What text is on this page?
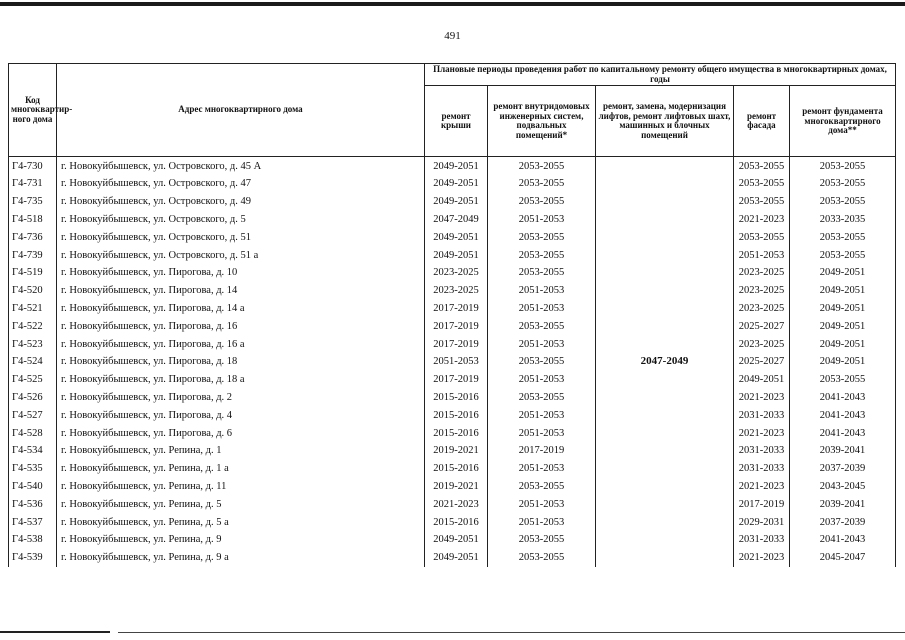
491
Код многоквартир-ного дома	Адрес многоквартирного дома	Плановые периоды проведения работ по капитальному ремонту общего имущества в многоквартирных домах, годы				
		ремонт крыши	ремонт внутридомовых инженерных систем, подвальных помещений*	ремонт, замена, модернизация лифтов, ремонт лифтовых шахт, машинных и блочных помещений	ремонт фасада	ремонт фундамента многоквартирного дома**
Г4-730	г. Новокуйбышевск, ул. Островского, д. 45 А	2049-2051	2053-2055	2047-2049	2053-2055	2053-2055
Г4-731	г. Новокуйбышевск, ул. Островского, д. 47	2049-2051	2053-2055		2053-2055	2053-2055
Г4-735	г. Новокуйбышевск, ул. Островского, д. 49	2049-2051	2053-2055		2053-2055	2053-2055
Г4-518	г. Новокуйбышевск, ул. Островского, д. 5	2047-2049	2051-2053		2021-2023	2033-2035
Г4-736	г. Новокуйбышевск, ул. Островского, д. 51	2049-2051	2053-2055		2053-2055	2053-2055
Г4-739	г. Новокуйбышевск, ул. Островского, д. 51 а	2049-2051	2053-2055		2051-2053	2053-2055
Г4-519	г. Новокуйбышевск, ул. Пирогова, д. 10	2023-2025	2053-2055		2023-2025	2049-2051
Г4-520	г. Новокуйбышевск, ул. Пирогова, д. 14	2023-2025	2051-2053		2023-2025	2049-2051
Г4-521	г. Новокуйбышевск, ул. Пирогова, д. 14 а	2017-2019	2051-2053		2023-2025	2049-2051
Г4-522	г. Новокуйбышевск, ул. Пирогова, д. 16	2017-2019	2053-2055		2025-2027	2049-2051
Г4-523	г. Новокуйбышевск, ул. Пирогова, д. 16 а	2017-2019	2051-2053		2023-2025	2049-2051
Г4-524	г. Новокуйбышевск, ул. Пирогова, д. 18	2051-2053	2053-2055		2025-2027	2049-2051
Г4-525	г. Новокуйбышевск, ул. Пирогова, д. 18 а	2017-2019	2051-2053		2049-2051	2053-2055
Г4-526	г. Новокуйбышевск, ул. Пирогова, д. 2	2015-2016	2053-2055		2021-2023	2041-2043
Г4-527	г. Новокуйбышевск, ул. Пирогова, д. 4	2015-2016	2051-2053		2031-2033	2041-2043
Г4-528	г. Новокуйбышевск, ул. Пирогова, д. 6	2015-2016	2051-2053		2021-2023	2041-2043
Г4-534	г. Новокуйбышевск, ул. Репина, д. 1	2019-2021	2017-2019		2031-2033	2039-2041
Г4-535	г. Новокуйбышевск, ул. Репина, д. 1 а	2015-2016	2051-2053		2031-2033	2037-2039
Г4-540	г. Новокуйбышевск, ул. Репина, д. 11	2019-2021	2053-2055		2021-2023	2043-2045
Г4-536	г. Новокуйбышевск, ул. Репина, д. 5	2021-2023	2051-2053		2017-2019	2039-2041
Г4-537	г. Новокуйбышевск, ул. Репина, д. 5 а	2015-2016	2051-2053		2029-2031	2037-2039
Г4-538	г. Новокуйбышевск, ул. Репина, д. 9	2049-2051	2053-2055		2031-2033	2041-2043
Г4-539	г. Новокуйбышевск, ул. Репина, д. 9 а	2049-2051	2053-2055		2021-2023	2045-2047
